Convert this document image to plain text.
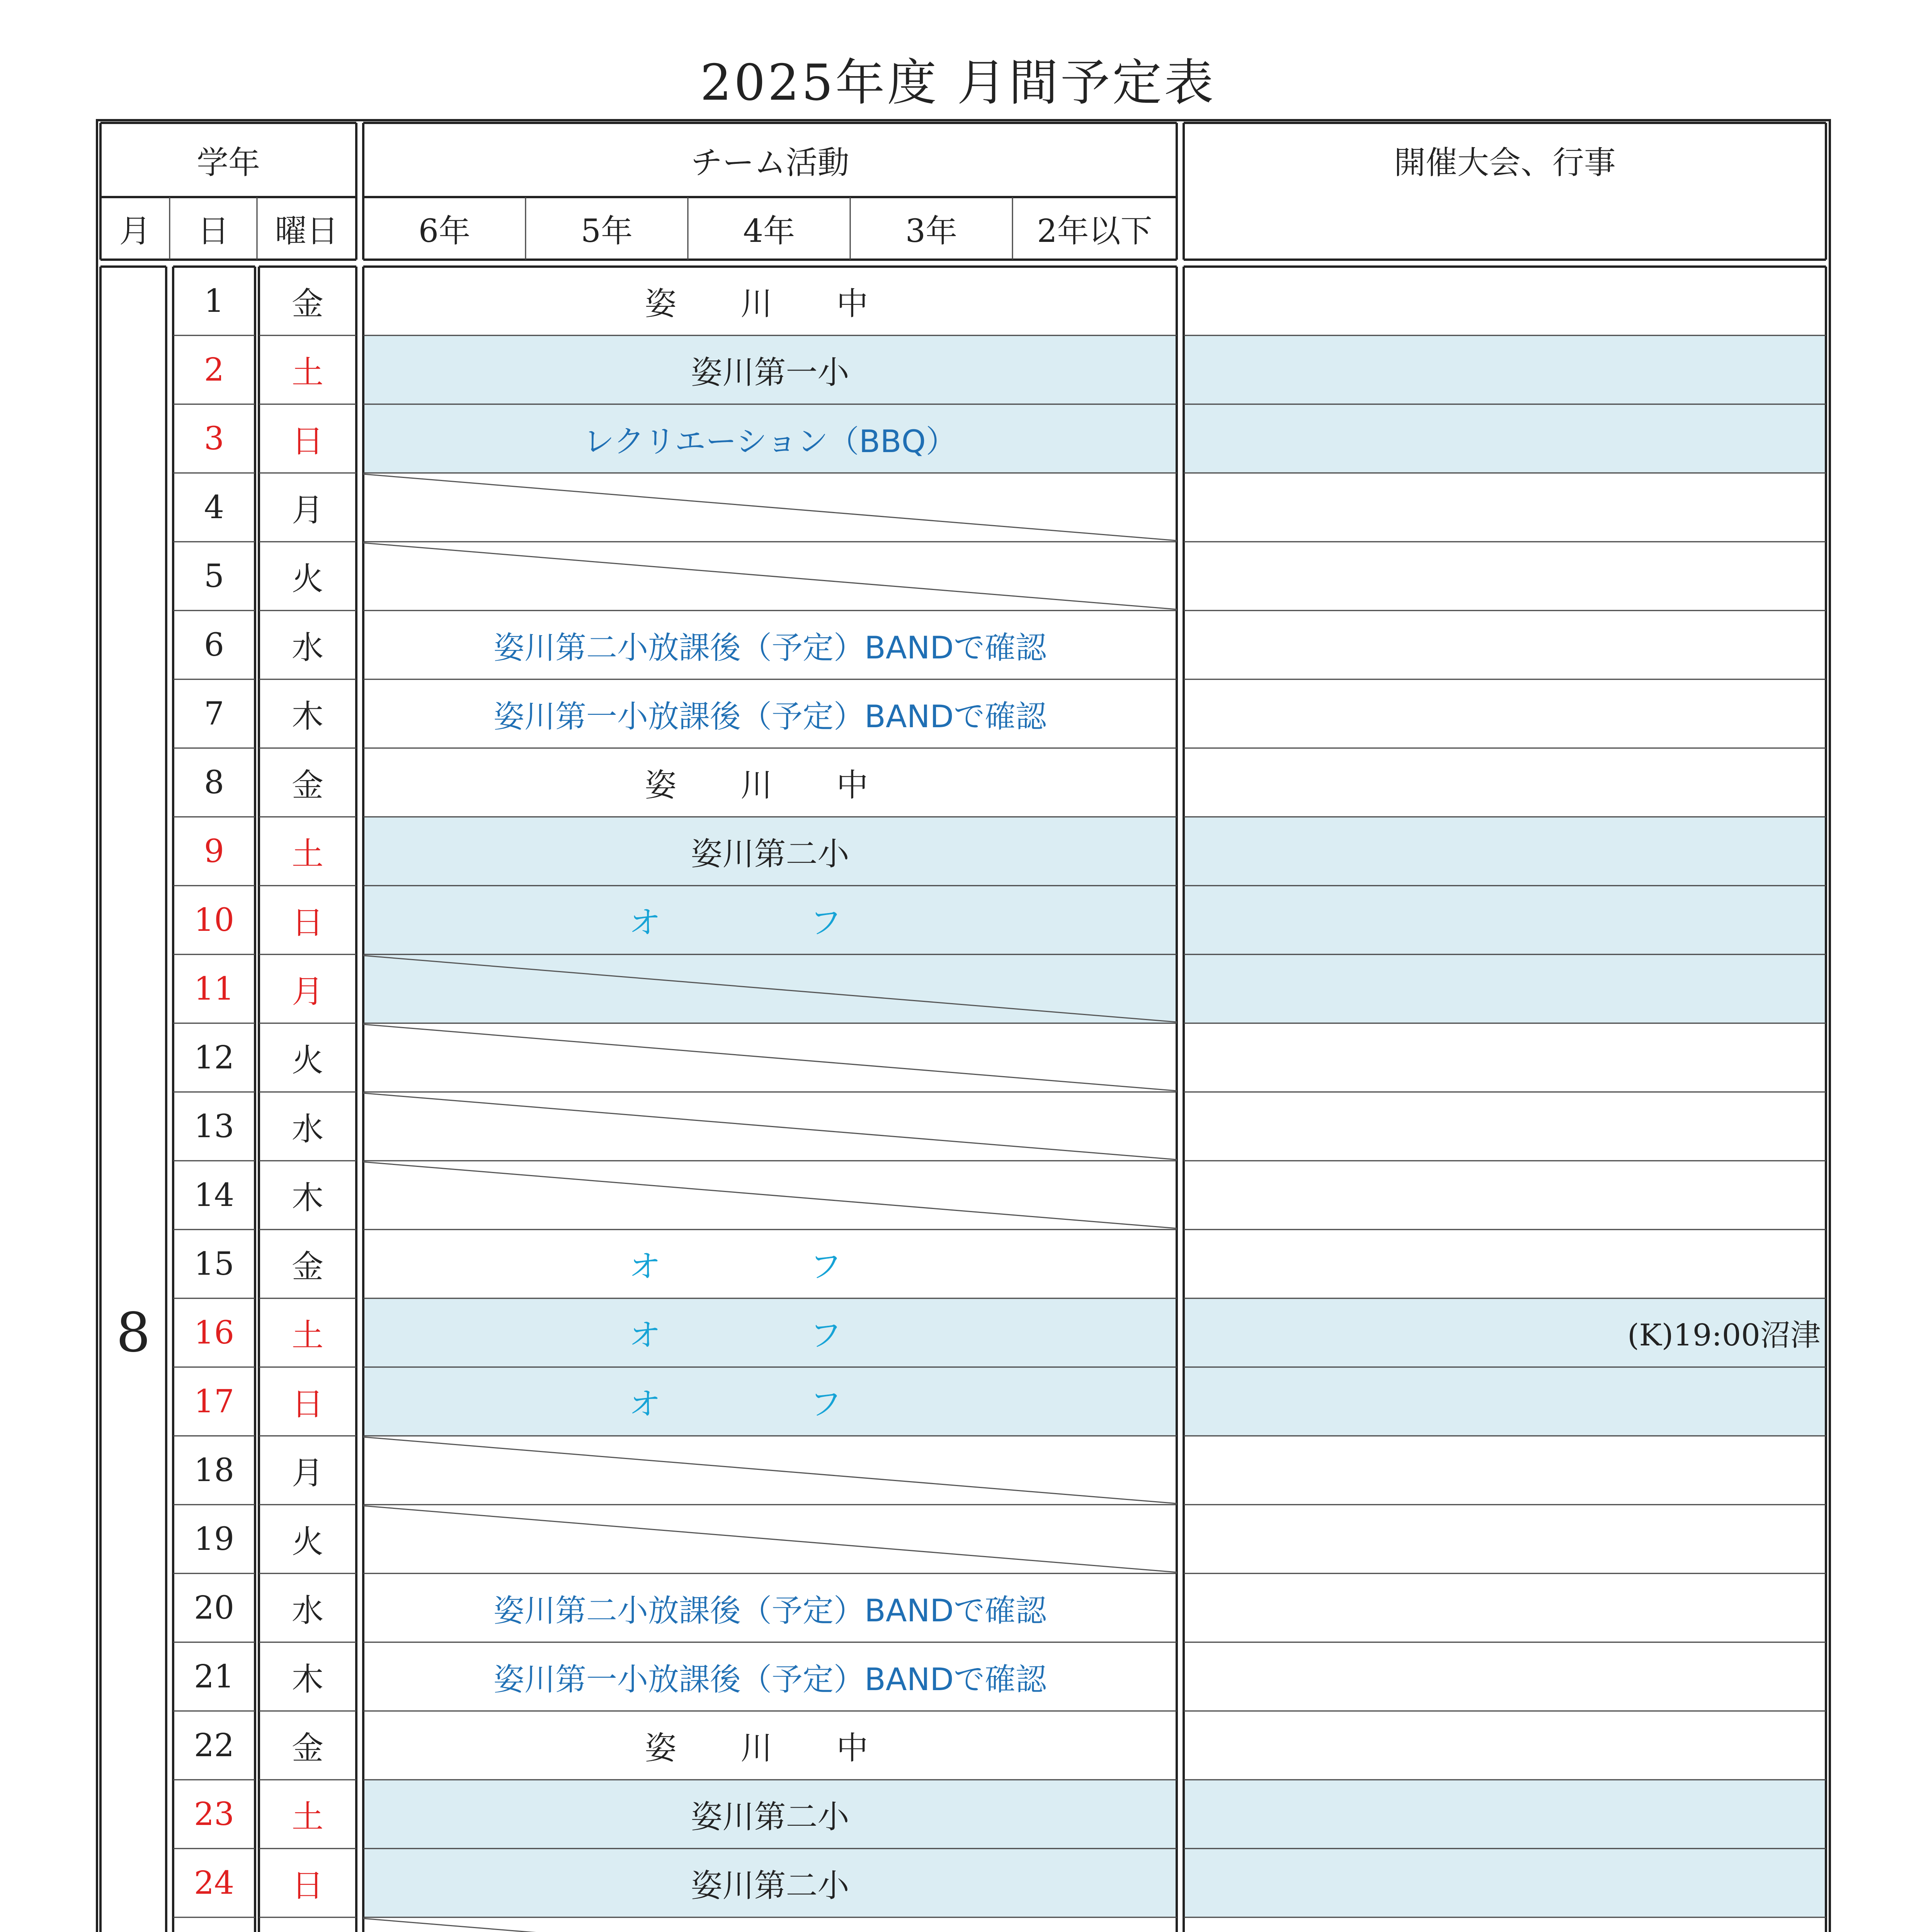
2025年度 月間予定表
学年	チーム活動	開催大会、行事
月	日	曜日	6年	5年	4年	3年	2年以下
8
1	金	姿 川 中
2	土	姿川第一小
3	日	レクリエーション（BBQ）
4	月
5	火
6	水	姿川第二小放課後（予定）BANDで確認
7	木	姿川第一小放課後（予定）BANDで確認
8	金	姿 川 中
9	土	姿川第二小
10	日	オ フ
11	月
12	火
13	水
14	木
15	金	オ フ
16	土	オ フ	(K)19:00沼津
17	日	オ フ
18	月
19	火
20	水	姿川第二小放課後（予定）BANDで確認
21	木	姿川第一小放課後（予定）BANDで確認
22	金	姿 川 中
23	土	姿川第二小
24	日	姿川第二小
